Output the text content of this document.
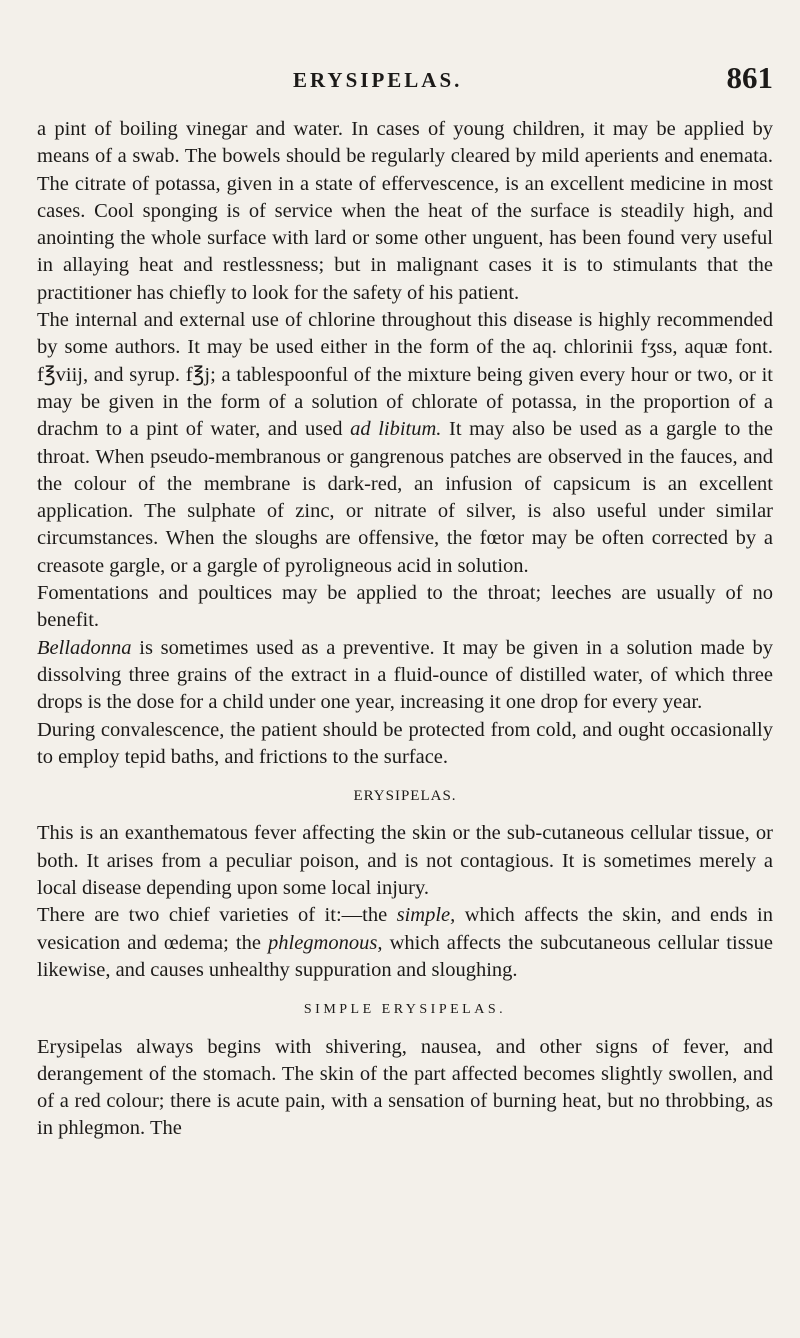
ERYSIPELAS.	861

a pint of boiling vinegar and water. In cases of young children, it may be applied by means of a swab. The bowels should be regularly cleared by mild aperients and enemata. The citrate of potassa, given in a state of effervescence, is an excellent medicine in most cases. Cool sponging is of service when the heat of the surface is steadily high, and anointing the whole surface with lard or some other unguent, has been found very useful in allaying heat and restlessness; but in malignant cases it is to stimulants that the practitioner has chiefly to look for the safety of his patient.

The internal and external use of chlorine throughout this disease is highly recommended by some authors. It may be used either in the form of the aq. chlorinii fʒss, aquæ font. f℥viij, and syrup. f℥j; a tablespoonful of the mixture being given every hour or two, or it may be given in the form of a solution of chlorate of potassa, in the proportion of a drachm to a pint of water, and used ad libitum. It may also be used as a gargle to the throat. When pseudo-membranous or gangrenous patches are observed in the fauces, and the colour of the membrane is dark-red, an infusion of capsicum is an excellent application. The sulphate of zinc, or nitrate of silver, is also useful under similar circumstances. When the sloughs are offensive, the fœtor may be often corrected by a creasote gargle, or a gargle of pyroligneous acid in solution.

Fomentations and poultices may be applied to the throat; leeches are usually of no benefit.

Belladonna is sometimes used as a preventive. It may be given in a solution made by dissolving three grains of the extract in a fluid-ounce of distilled water, of which three drops is the dose for a child under one year, increasing it one drop for every year.

During convalescence, the patient should be protected from cold, and ought occasionally to employ tepid baths, and frictions to the surface.

ERYSIPELAS.

This is an exanthematous fever affecting the skin or the sub-cutaneous cellular tissue, or both. It arises from a peculiar poison, and is not contagious. It is sometimes merely a local disease depending upon some local injury.

There are two chief varieties of it:—the simple, which affects the skin, and ends in vesication and œdema; the phlegmonous, which affects the subcutaneous cellular tissue likewise, and causes unhealthy suppuration and sloughing.

SIMPLE ERYSIPELAS.

Erysipelas always begins with shivering, nausea, and other signs of fever, and derangement of the stomach. The skin of the part affected becomes slightly swollen, and of a red colour; there is acute pain, with a sensation of burning heat, but no throbbing, as in phlegmon. The
